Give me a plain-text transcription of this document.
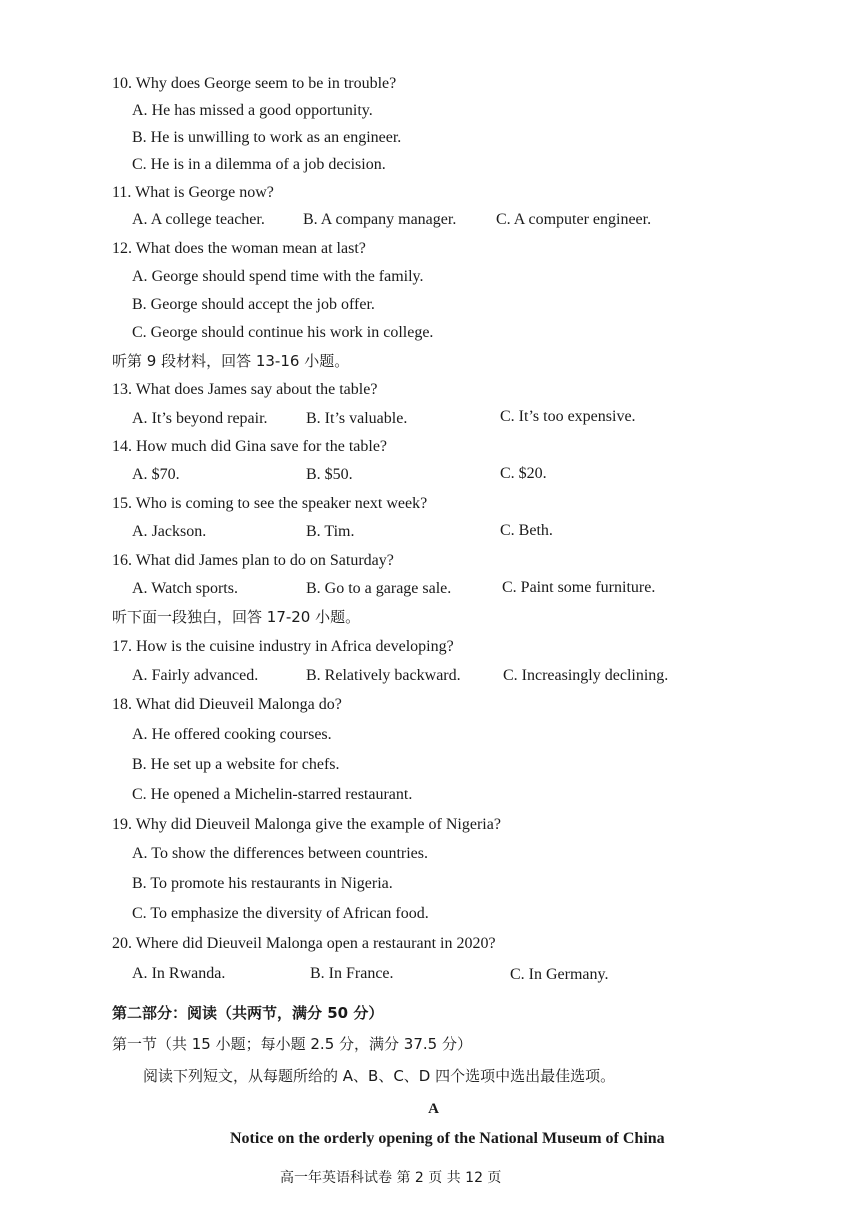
10. Why does George seem to be in trouble?
A. He has missed a good opportunity.
B. He is unwilling to work as an engineer.
C. He is in a dilemma of a job decision.
11. What is George now?
A. A college teacher. B. A company manager. C. A computer engineer.
12. What does the woman mean at last?
A. George should spend time with the family.
B. George should accept the job offer.
C. George should continue his work in college.
听第 9 段材料，回答 13-16 小题。
13. What does James say about the table?
A. It’s beyond repair. B. It’s valuable.	C. It’s too expensive.
14. How much did Gina save for the table?
A. $70.	B. $50.	C. $20.
15. Who is coming to see the speaker next week?
A. Jackson.	B. Tim.	C. Beth.
16. What did James plan to do on Saturday?
A. Watch sports.	B. Go to a garage sale.	C. Paint some furniture.
听下面一段独白，回答 17-20 小题。
17. How is the cuisine industry in Africa developing?
A. Fairly advanced.	B. Relatively backward.	C. Increasingly declining.
18. What did Dieuveil Malonga do?
A. He offered cooking courses.
B. He set up a website for chefs.
C. He opened a Michelin-starred restaurant.
19. Why did Dieuveil Malonga give the example of Nigeria?
A. To show the differences between countries.
B. To promote his restaurants in Nigeria.
C. To emphasize the diversity of African food.
20. Where did Dieuveil Malonga open a restaurant in 2020?
A. In Rwanda.	B. In France.	C. In Germany.
第二部分：阅读（共两节，满分 50 分）
第一节（共 15 小题；每小题 2.5 分，满分 37.5 分）
阅读下列短文，从每题所给的 A、B、C、D 四个选项中选出最佳选项。
A
Notice on the orderly opening of the National Museum of China
高一年英语科试卷 第 2 页 共 12 页
